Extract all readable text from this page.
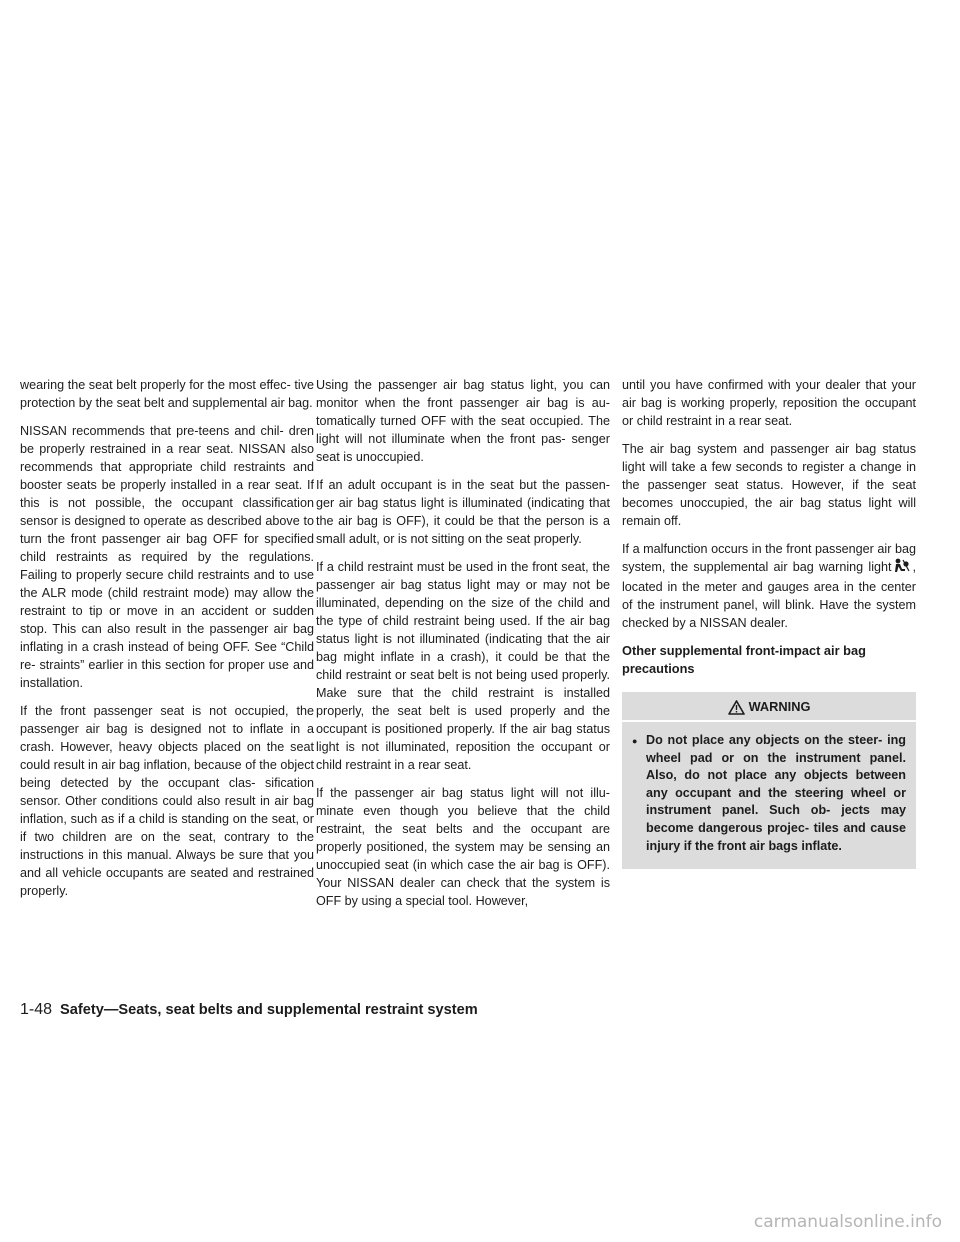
wearing the seat belt properly for the most effec- tive protection by the seat belt and supplemental air bag.

NISSAN recommends that pre-teens and chil- dren be properly restrained in a rear seat. NISSAN also recommends that appropriate child restraints and booster seats be properly installed in a rear seat. If this is not possible, the occupant classification sensor is designed to operate as described above to turn the front passenger air bag OFF for specified child restraints as required by the regulations. Failing to properly secure child restraints and to use the ALR mode (child restraint mode) may allow the restraint to tip or move in an accident or sudden stop. This can also result in the passenger air bag inflating in a crash instead of being OFF. See “Child re- straints” earlier in this section for proper use and installation.

If the front passenger seat is not occupied, the passenger air bag is designed not to inflate in a crash. However, heavy objects placed on the seat could result in air bag inflation, because of the object being detected by the occupant clas- sification sensor. Other conditions could also result in air bag inflation, such as if a child is standing on the seat, or if two children are on the seat, contrary to the instructions in this manual. Always be sure that you and all vehicle occupants are seated and restrained properly.

Using the passenger air bag status light, you can monitor when the front passenger air bag is au- tomatically turned OFF with the seat occupied. The light will not illuminate when the front pas- senger seat is unoccupied.

If an adult occupant is in the seat but the passen- ger air bag status light is illuminated (indicating that the air bag is OFF), it could be that the person is a small adult, or is not sitting on the seat properly.

If a child restraint must be used in the front seat, the passenger air bag status light may or may not be illuminated, depending on the size of the child and the type of child restraint being used. If the air bag status light is not illuminated (indicating that the air bag might inflate in a crash), it could be that the child restraint or seat belt is not being used properly. Make sure that the child restraint is installed properly, the seat belt is used properly and the occupant is positioned properly. If the air bag status light is not illuminated, reposition the occupant or child restraint in a rear seat.

If the passenger air bag status light will not illu- minate even though you believe that the child restraint, the seat belts and the occupant are properly positioned, the system may be sensing an unoccupied seat (in which case the air bag is OFF). Your NISSAN dealer can check that the system is OFF by using a special tool. However,

until you have confirmed with your dealer that your air bag is working properly, reposition the occupant or child restraint in a rear seat.

The air bag system and passenger air bag status light will take a few seconds to register a change in the passenger seat status. However, if the seat becomes unoccupied, the air bag status light will remain off.

If a malfunction occurs in the front passenger air bag system, the supplemental air bag warning light , located in the meter and gauges area in the center of the instrument panel, will blink. Have the system checked by a NISSAN dealer.

Other supplemental front-impact air bag precautions
WARNING
● Do not place any objects on the steer- ing wheel pad or on the instrument panel. Also, do not place any objects between any occupant and the steering wheel or instrument panel. Such ob- jects may become dangerous projec- tiles and cause injury if the front air bags inflate.
1-48 Safety—Seats, seat belts and supplemental restraint system
carmanualsonline.info
